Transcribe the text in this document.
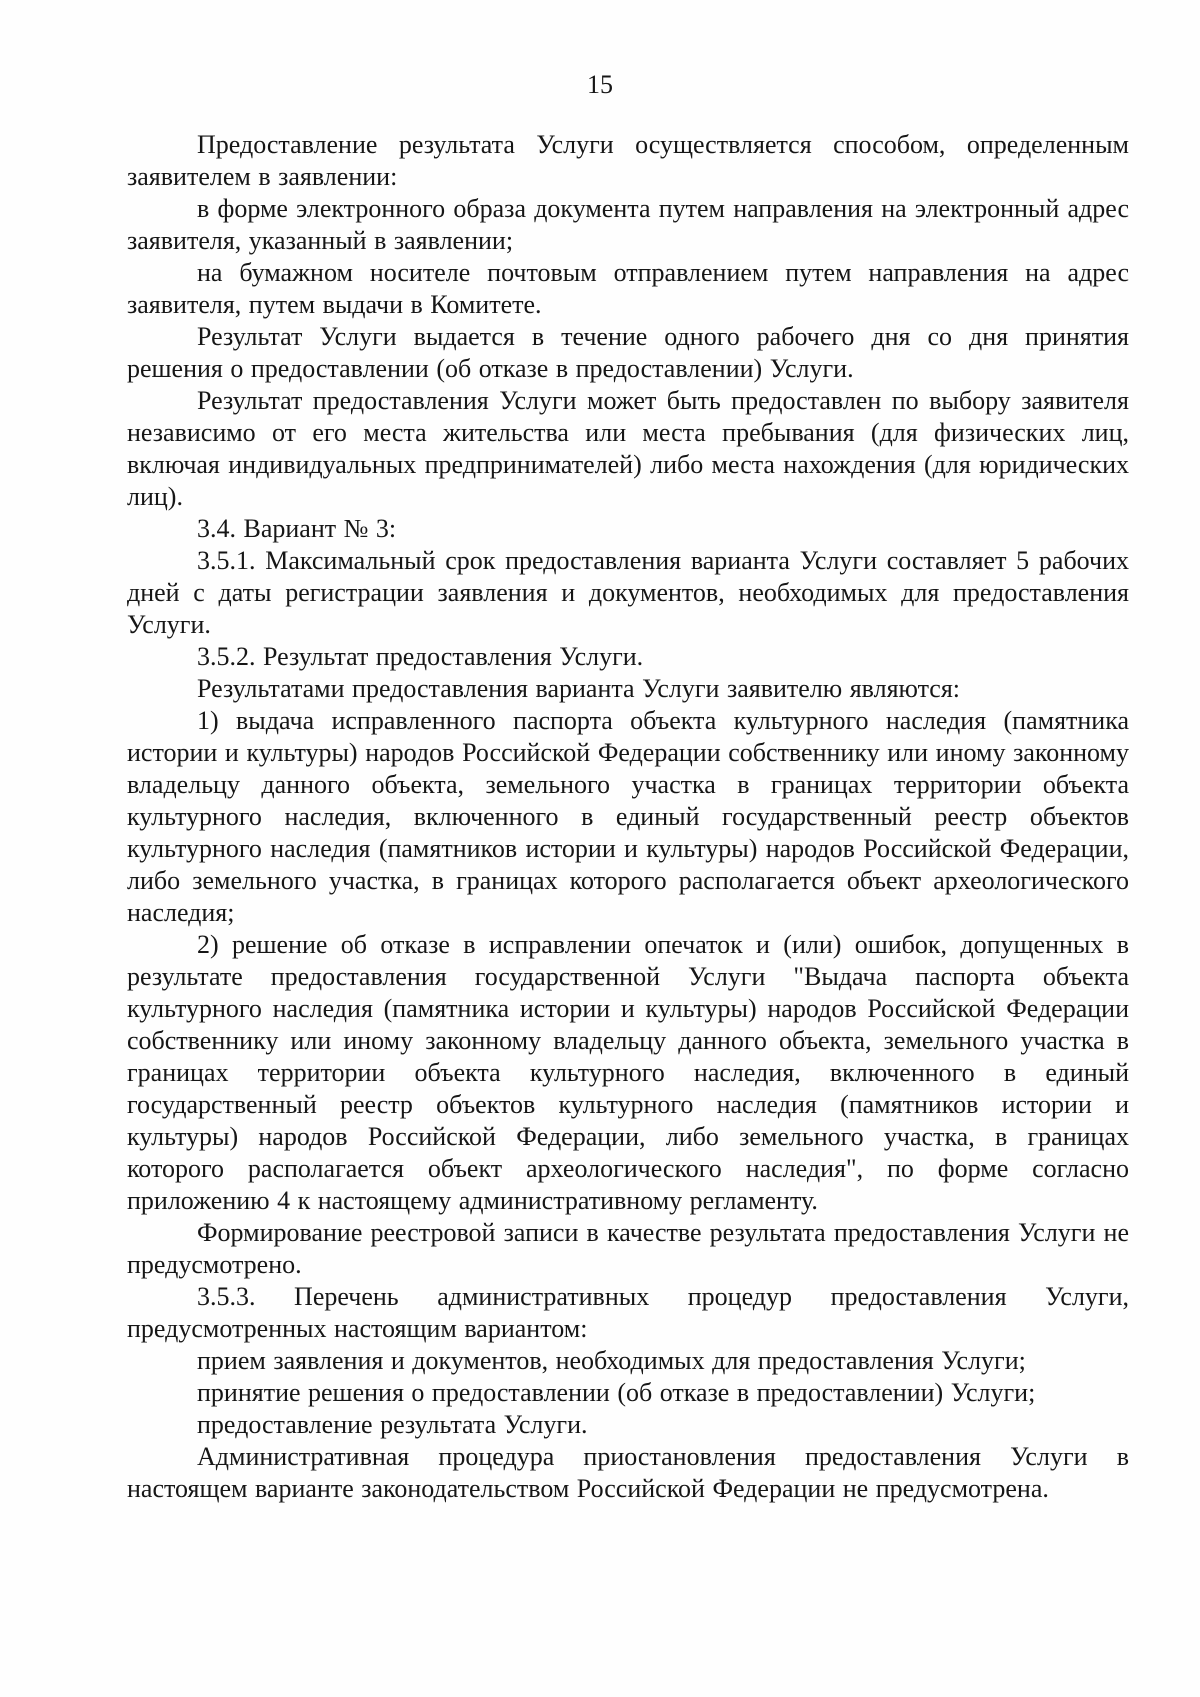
15

Предоставление результата Услуги осуществляется способом, определенным заявителем в заявлении:

в форме электронного образа документа путем направления на электронный адрес заявителя, указанный в заявлении;

на бумажном носителе почтовым отправлением путем направления на адрес заявителя, путем выдачи в Комитете.

Результат Услуги выдается в течение одного рабочего дня со дня принятия решения о предоставлении (об отказе в предоставлении) Услуги.

Результат предоставления Услуги может быть предоставлен по выбору заявителя независимо от его места жительства или места пребывания (для физических лиц, включая индивидуальных предпринимателей) либо места нахождения (для юридических лиц).

3.4. Вариант № 3:

3.5.1. Максимальный срок предоставления варианта Услуги составляет 5 рабочих дней с даты регистрации заявления и документов, необходимых для предоставления Услуги.

3.5.2. Результат предоставления Услуги.

Результатами предоставления варианта Услуги заявителю являются:

1) выдача исправленного паспорта объекта культурного наследия (памятника истории и культуры) народов Российской Федерации собственнику или иному законному владельцу данного объекта, земельного участка в границах территории объекта культурного наследия, включенного в единый государственный реестр объектов культурного наследия (памятников истории и культуры) народов Российской Федерации, либо земельного участка, в границах которого располагается объект археологического наследия;

2) решение об отказе в исправлении опечаток и (или) ошибок, допущенных в результате предоставления государственной Услуги "Выдача паспорта объекта культурного наследия (памятника истории и культуры) народов Российской Федерации собственнику или иному законному владельцу данного объекта, земельного участка в границах территории объекта культурного наследия, включенного в единый государственный реестр объектов культурного наследия (памятников истории и культуры) народов Российской Федерации, либо земельного участка, в границах которого располагается объект археологического наследия", по форме согласно приложению 4 к настоящему административному регламенту.

Формирование реестровой записи в качестве результата предоставления Услуги не предусмотрено.

3.5.3. Перечень административных процедур предоставления Услуги, предусмотренных настоящим вариантом:

прием заявления и документов, необходимых для предоставления Услуги;

принятие решения о предоставлении (об отказе в предоставлении) Услуги;

предоставление результата Услуги.

Административная процедура приостановления предоставления Услуги в настоящем варианте законодательством Российской Федерации не предусмотрена.
